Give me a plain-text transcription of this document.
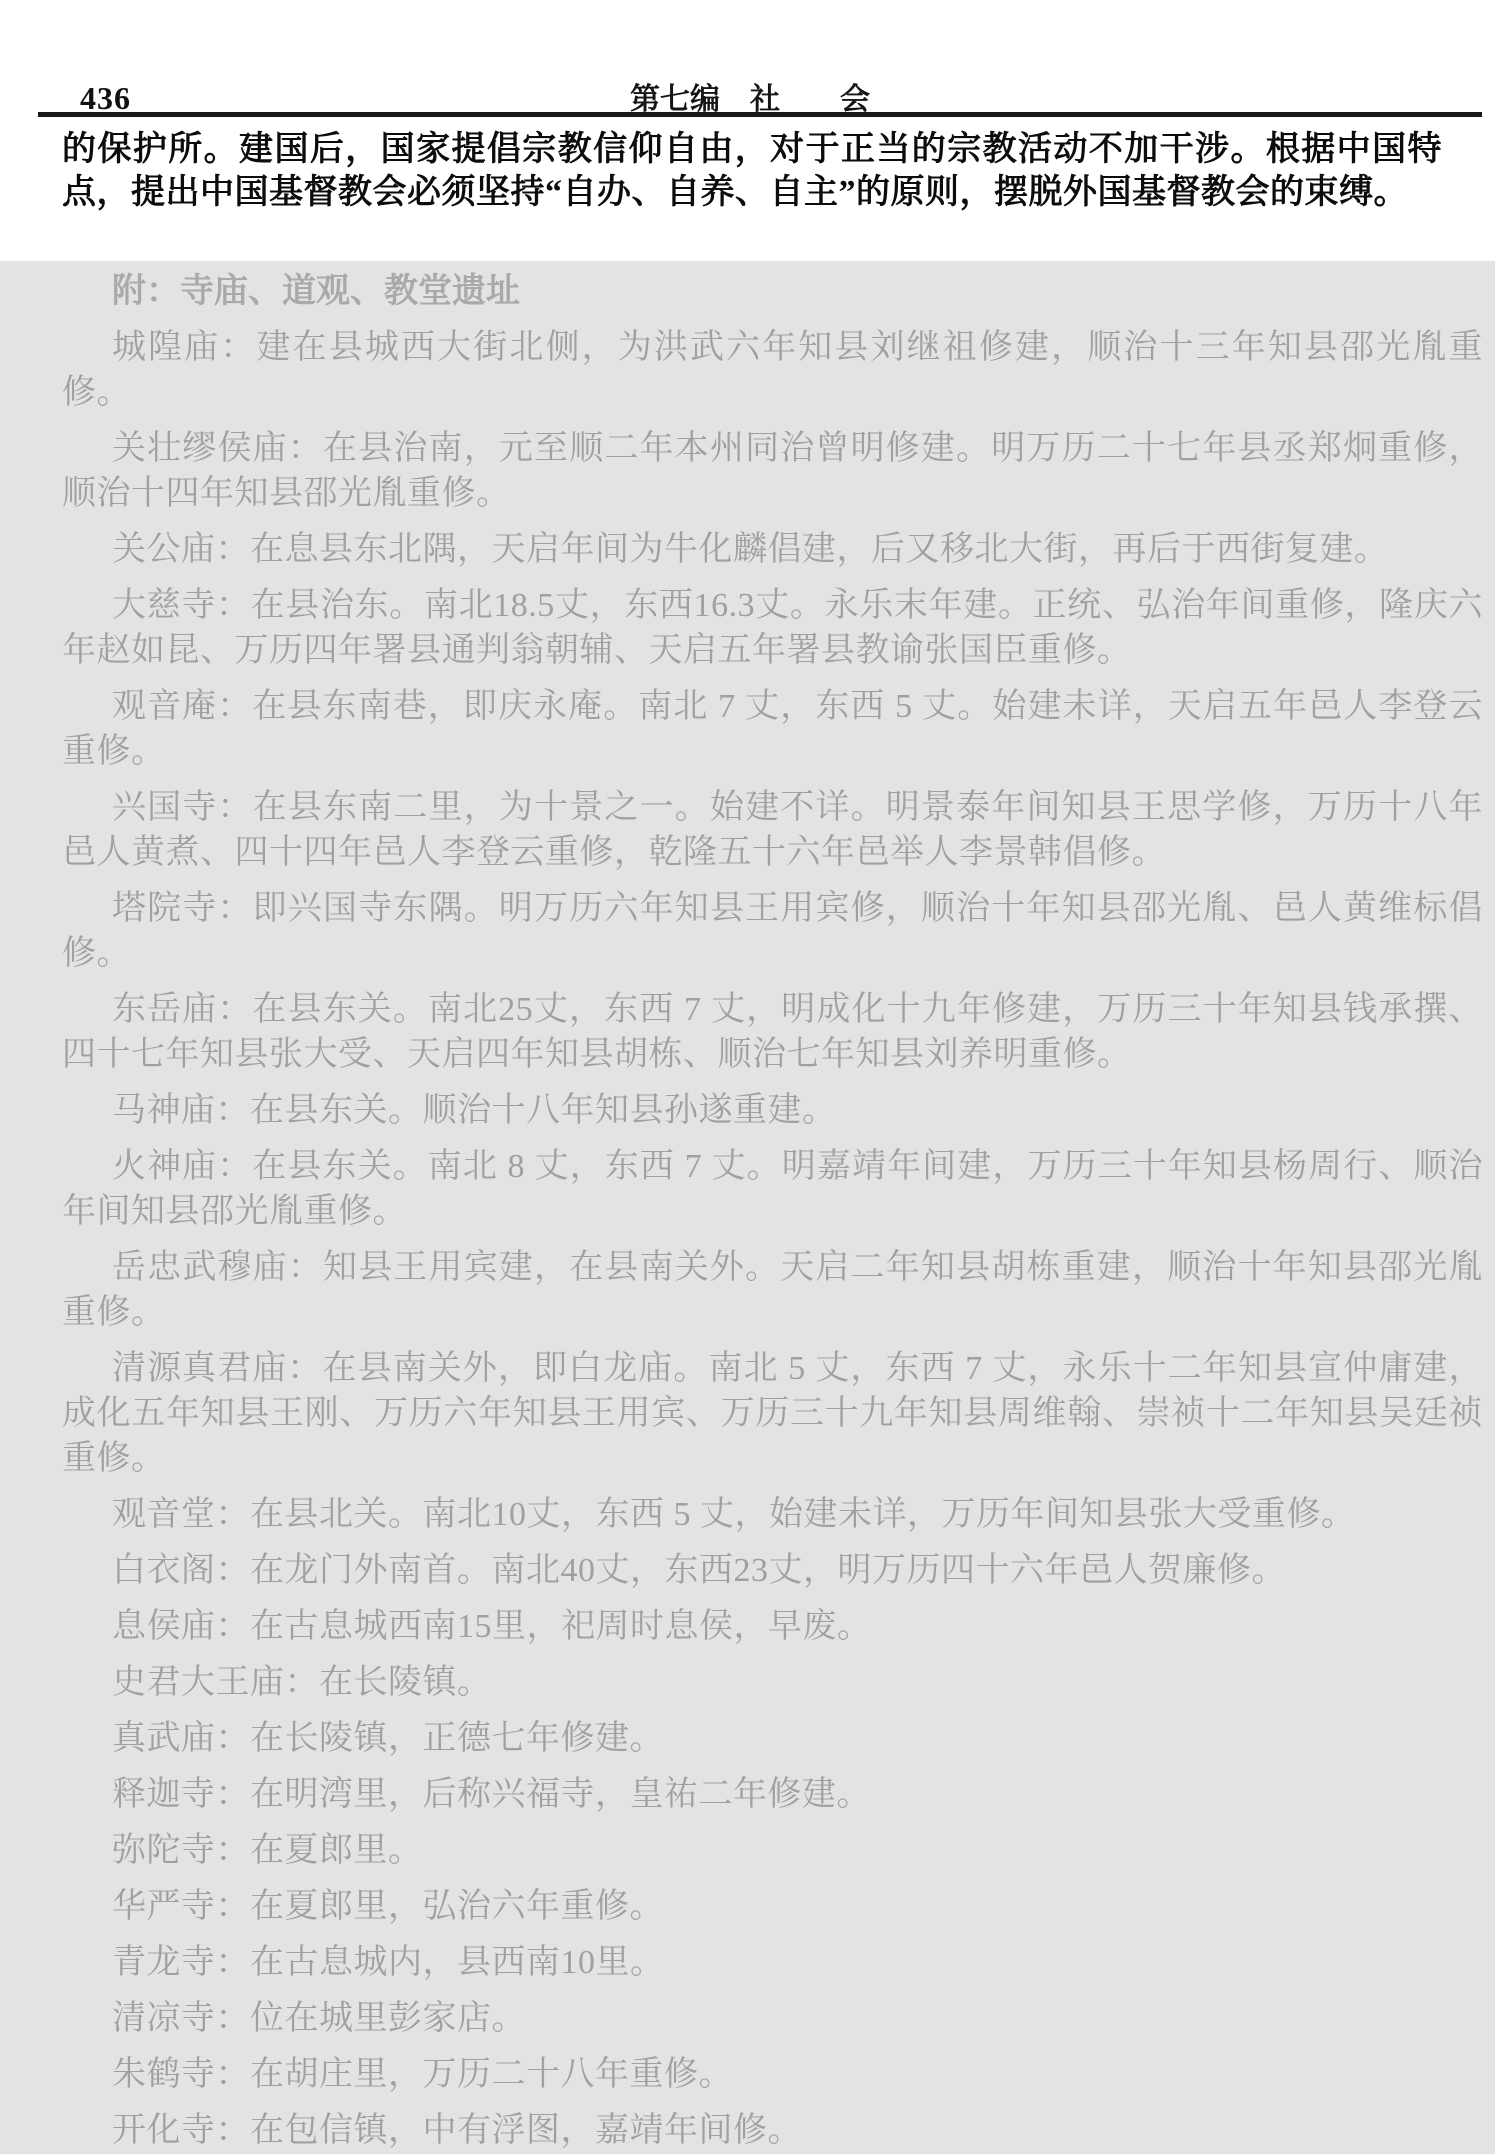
436	第七编　社　　会

的保护所。建国后，国家提倡宗教信仰自由，对于正当的宗教活动不加干涉。根据中国特点，提出中国基督教会必须坚持“自办、自养、自主”的原则，摆脱外国基督教会的束缚。

附：寺庙、道观、教堂遗址

城隍庙：建在县城西大街北侧，为洪武六年知县刘继祖修建，顺治十三年知县邵光胤重修。

关壮缪侯庙：在县治南，元至顺二年本州同治曾明修建。明万历二十七年县丞郑炯重修，顺治十四年知县邵光胤重修。

关公庙：在息县东北隅，天启年间为牛化麟倡建，后又移北大街，再后于西街复建。

大慈寺：在县治东。南北18.5丈，东西16.3丈。永乐末年建。正统、弘治年间重修，隆庆六年赵如昆、万历四年署县通判翁朝辅、天启五年署县教谕张国臣重修。

观音庵：在县东南巷，即庆永庵。南北 7 丈，东西 5 丈。始建未详，天启五年邑人李登云重修。

兴国寺：在县东南二里，为十景之一。始建不详。明景泰年间知县王思学修，万历十八年邑人黄煮、四十四年邑人李登云重修，乾隆五十六年邑举人李景韩倡修。

塔院寺：即兴国寺东隅。明万历六年知县王用宾修，顺治十年知县邵光胤、邑人黄维标倡修。

东岳庙：在县东关。南北25丈，东西 7 丈，明成化十九年修建，万历三十年知县钱承撰、四十七年知县张大受、天启四年知县胡栋、顺治七年知县刘养明重修。

马神庙：在县东关。顺治十八年知县孙遂重建。

火神庙：在县东关。南北 8 丈，东西 7 丈。明嘉靖年间建，万历三十年知县杨周行、顺治年间知县邵光胤重修。

岳忠武穆庙：知县王用宾建，在县南关外。天启二年知县胡栋重建，顺治十年知县邵光胤重修。

清源真君庙：在县南关外，即白龙庙。南北 5 丈，东西 7 丈，永乐十二年知县宣仲庸建，成化五年知县王刚、万历六年知县王用宾、万历三十九年知县周维翰、崇祯十二年知县吴廷祯重修。

观音堂：在县北关。南北10丈，东西 5 丈，始建未详，万历年间知县张大受重修。

白衣阁：在龙门外南首。南北40丈，东西23丈，明万历四十六年邑人贺廉修。

息侯庙：在古息城西南15里，祀周时息侯，早废。

史君大王庙：在长陵镇。

真武庙：在长陵镇，正德七年修建。

释迦寺：在明湾里，后称兴福寺，皇祐二年修建。

弥陀寺：在夏郎里。

华严寺：在夏郎里，弘治六年重修。

青龙寺：在古息城内，县西南10里。

清凉寺：位在城里彭家店。

朱鹤寺：在胡庄里，万历二十八年重修。

开化寺：在包信镇，中有浮图，嘉靖年间修。
